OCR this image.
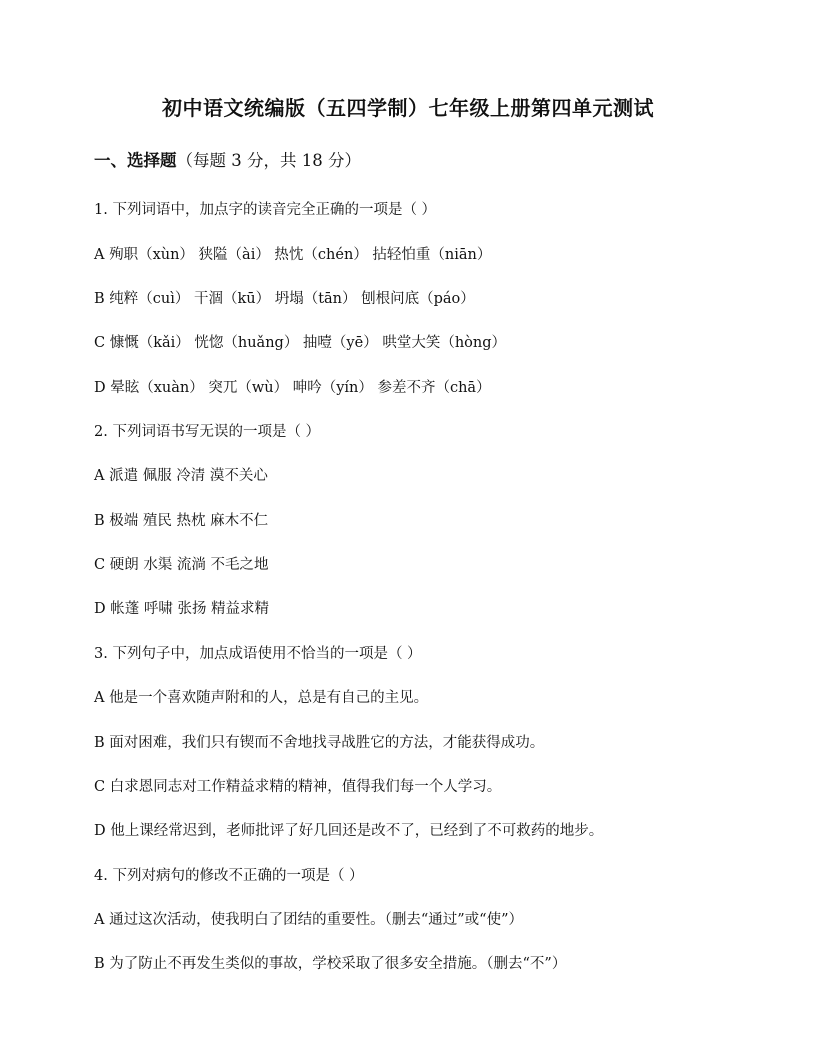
初中语文统编版（五四学制）七年级上册第四单元测试
一、选择题（每题 3 分，共 18 分）
1. 下列词语中，加点字的读音完全正确的一项是（ ）
A 殉职（xùn） 狭隘（ài） 热忱（chén） 拈轻怕重（niān）
B 纯粹（cuì） 干涸（kū） 坍塌（tān） 刨根问底（páo）
C 慷慨（kǎi） 恍惚（huǎng） 抽噎（yē） 哄堂大笑（hòng）
D 晕眩（xuàn） 突兀（wù） 呻吟（yín） 参差不齐（chā）
2. 下列词语书写无误的一项是（ ）
A 派遣 佩服 冷清 漠不关心
B 极端 殖民 热枕 麻木不仁
C 硬朗 水渠 流淌 不毛之地
D 帐蓬 呼啸 张扬 精益求精
3. 下列句子中，加点成语使用不恰当的一项是（ ）
A 他是一个喜欢随声附和的人，总是有自己的主见。
B 面对困难，我们只有锲而不舍地找寻战胜它的方法，才能获得成功。
C 白求恩同志对工作精益求精的精神，值得我们每一个人学习。
D 他上课经常迟到，老师批评了好几回还是改不了，已经到了不可救药的地步。
4. 下列对病句的修改不正确的一项是（ ）
A 通过这次活动，使我明白了团结的重要性。（删去“通过”或“使”）
B 为了防止不再发生类似的事故，学校采取了很多安全措施。（删去“不”）
